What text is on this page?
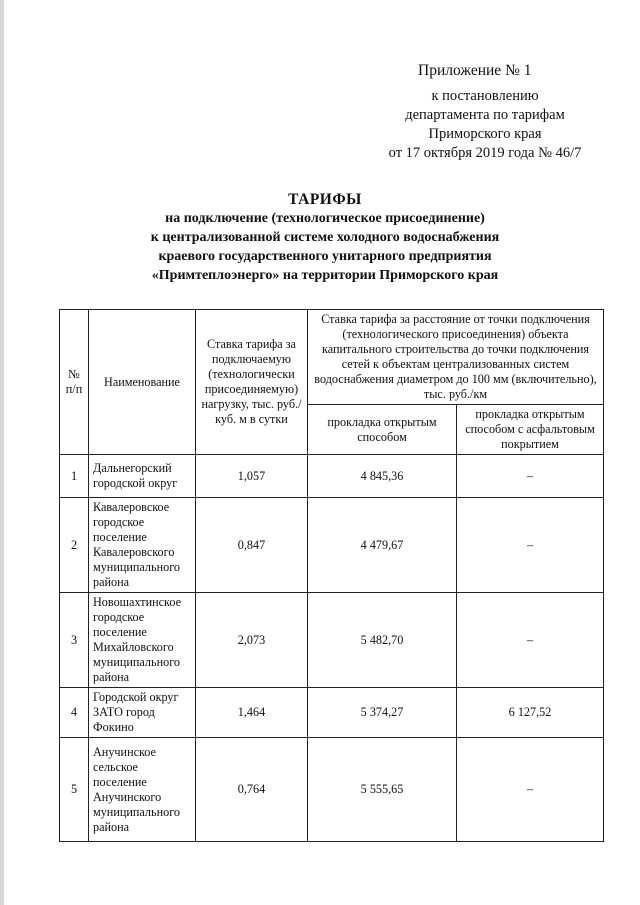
Приложение № 1
к постановлению
департамента по тарифам
Приморского края
от 17 октября 2019 года № 46/7
ТАРИФЫ
на подключение (технологическое присоединение)
к централизованной системе холодного водоснабжения
краевого государственного унитарного предприятия
«Примтеплоэнерго» на территории Приморского края
№ п/п	Наименование	Ставка тарифа за подключаемую (технологически присоединяемую) нагрузку, тыс. руб./куб. м в сутки	Ставка тарифа за расстояние от точки подключения (технологического присоединения) объекта капитального строительства до точки подключения сетей к объектам централизованных систем водоснабжения диаметром до 100 мм (включительно), тыс. руб./км	
			прокладка открытым способом	прокладка открытым способом с асфальтовым покрытием
1	Дальнегорский городской округ	1,057	4 845,36	–
2	Кавалеровское городское поселение Кавалеровского муниципального района	0,847	4 479,67	–
3	Новошахтинское городское поселение Михайловского муниципального района	2,073	5 482,70	–
4	Городской округ ЗАТО город Фокино	1,464	5 374,27	6 127,52
5	Анучинское сельское поселение Анучинского муниципального района	0,764	5 555,65	–
